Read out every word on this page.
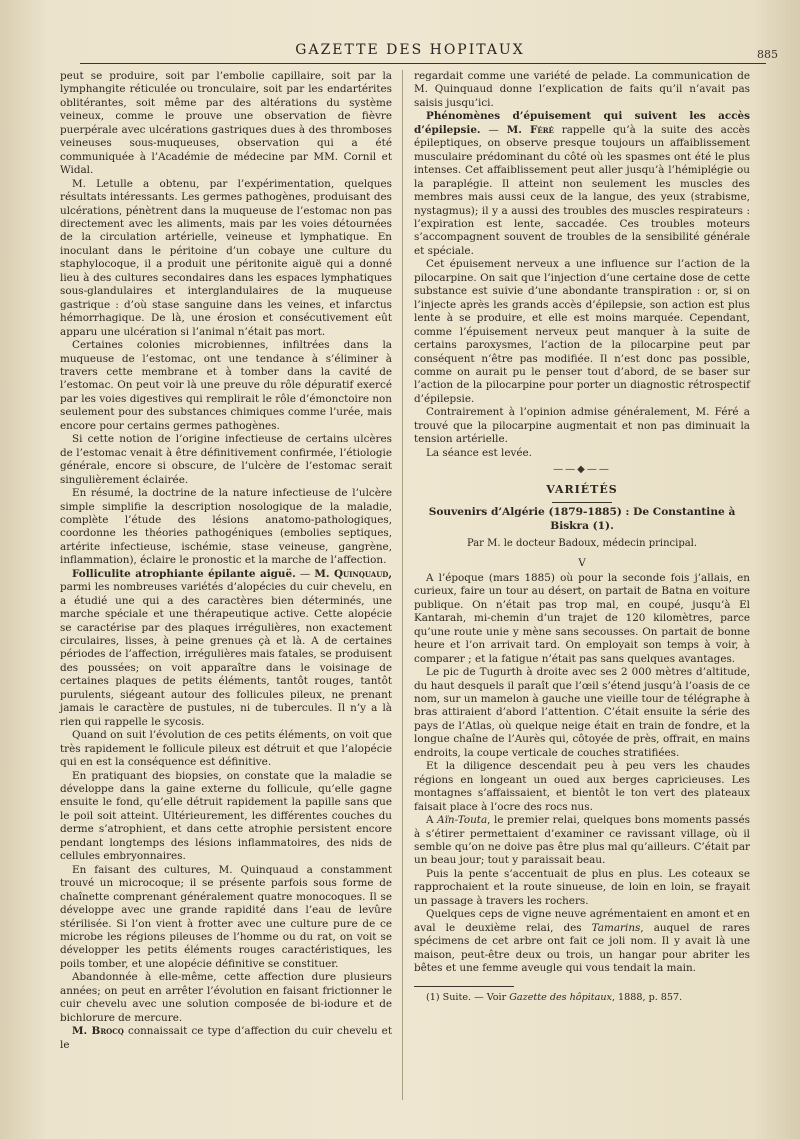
GAZETTE DES HOPITAUX	885

peut se produire, soit par l’embolie capillaire, soit par la lymphangite réticulée ou tronculaire, soit par les endartérites oblitérantes, soit même par des altérations du système veineux, comme le prouve une observation de fièvre puerpérale avec ulcérations gastriques dues à des thromboses veineuses sous-muqueuses, observation qui a été communiquée à l’Académie de médecine par MM. Cornil et Widal.

M. Letulle a obtenu, par l’expérimentation, quelques résultats intéressants. Les germes pathogènes, produisant des ulcérations, pénètrent dans la muqueuse de l’estomac non pas directement avec les aliments, mais par les voies détournées de la circulation artérielle, veineuse et lymphatique. En inoculant dans le péritoine d’un cobaye une culture du staphylocoque, il a produit une péritonite aiguë qui a donné lieu à des cultures secondaires dans les espaces lymphatiques sous-glandulaires et interglandulaires de la muqueuse gastrique : d’où stase sanguine dans les veines, et infarctus hémorrhagique. De là, une érosion et consécutivement eût apparu une ulcération si l’animal n’était pas mort.

Certaines colonies microbiennes, infiltrées dans la muqueuse de l’estomac, ont une tendance à s’éliminer à travers cette membrane et à tomber dans la cavité de l’estomac. On peut voir là une preuve du rôle dépuratif exercé par les voies digestives qui remplirait le rôle d’émonctoire non seulement pour des substances chimiques comme l’urée, mais encore pour certains germes pathogènes.

Si cette notion de l’origine infectieuse de certains ulcères de l’estomac venait à être définitivement confirmée, l’étiologie générale, encore si obscure, de l’ulcère de l’estomac serait singulièrement éclairée.

En résumé, la doctrine de la nature infectieuse de l’ulcère simple simplifie la description nosologique de la maladie, complète l’étude des lésions anatomo-pathologiques, coordonne les théories pathogéniques (embolies septiques, artérite infectieuse, ischémie, stase veineuse, gangrène, inflammation), éclaire le pronostic et la marche de l’affection.

Folliculite atrophiante épilante aiguë. — M. Quinquaud, parmi les nombreuses variétés d’alopécies du cuir chevelu, en a étudié une qui a des caractères bien déterminés, une marche spéciale et une thérapeutique active. Cette alopécie se caractérise par des plaques irrégulières, non exactement circulaires, lisses, à peine grenues çà et là. A de certaines périodes de l’affection, irrégulières mais fatales, se produisent des poussées; on voit apparaître dans le voisinage de certaines plaques de petits éléments, tantôt rouges, tantôt purulents, siégeant autour des follicules pileux, ne prenant jamais le caractère de pustules, ni de tubercules. Il n’y a là rien qui rappelle le sycosis.

Quand on suit l’évolution de ces petits éléments, on voit que très rapidement le follicule pileux est détruit et que l’alopécie qui en est la conséquence est définitive.

En pratiquant des biopsies, on constate que la maladie se développe dans la gaine externe du follicule, qu’elle gagne ensuite le fond, qu’elle détruit rapidement la papille sans que le poil soit atteint. Ultérieurement, les différentes couches du derme s’atrophient, et dans cette atrophie persistent encore pendant longtemps des lésions inflammatoires, des nids de cellules embryonnaires.

En faisant des cultures, M. Quinquaud a constamment trouvé un microcoque; il se présente parfois sous forme de chaînette comprenant généralement quatre monocoques. Il se développe avec une grande rapidité dans l’eau de levûre stérilisée. Si l’on vient à frotter avec une culture pure de ce microbe les régions pileuses de l’homme ou du rat, on voit se développer les petits éléments rouges caractéristiques, les poils tomber, et une alopécie définitive se constituer.

Abandonnée à elle-même, cette affection dure plusieurs années; on peut en arrêter l’évolution en faisant frictionner le cuir chevelu avec une solution composée de bi-iodure et de bichlorure de mercure.

M. Brocq connaissait ce type d’affection du cuir chevelu et le

regardait comme une variété de pelade. La communication de M. Quinquaud donne l’explication de faits qu’il n’avait pas saisis jusqu’ici.

Phénomènes d’épuisement qui suivent les accès d’épilepsie. — M. Féré rappelle qu’à la suite des accès épileptiques, on observe presque toujours un affaiblissement musculaire prédominant du côté où les spasmes ont été le plus intenses. Cet affaiblissement peut aller jusqu’à l’hémiplégie ou la paraplégie. Il atteint non seulement les muscles des membres mais aussi ceux de la langue, des yeux (strabisme, nystagmus); il y a aussi des troubles des muscles respirateurs : l’expiration est lente, saccadée. Ces troubles moteurs s’accompagnent souvent de troubles de la sensibilité générale et spéciale.

Cet épuisement nerveux a une influence sur l’action de la pilocarpine. On sait que l’injection d’une certaine dose de cette substance est suivie d’une abondante transpiration : or, si on l’injecte après les grands accès d’épilepsie, son action est plus lente à se produire, et elle est moins marquée. Cependant, comme l’épuisement nerveux peut manquer à la suite de certains paroxysmes, l’action de la pilocarpine peut par conséquent n’être pas modifiée. Il n’est donc pas possible, comme on aurait pu le penser tout d’abord, de se baser sur l’action de la pilocarpine pour porter un diagnostic rétrospectif d’épilepsie.

Contrairement à l’opinion admise généralement, M. Féré a trouvé que la pilocarpine augmentait et non pas diminuait la tension artérielle.

La séance est levée.

——◆——
VARIÉTÉS
Souvenirs d’Algérie (1879-1885) : De Constantine à Biskra (1).
Par M. le docteur Badoux, médecin principal.
V

A l’époque (mars 1885) où pour la seconde fois j’allais, en curieux, faire un tour au désert, on partait de Batna en voiture publique. On n’était pas trop mal, en coupé, jusqu’à El Kantarah, mi-chemin d’un trajet de 120 kilomètres, parce qu’une route unie y mène sans secousses. On partait de bonne heure et l’on arrivait tard. On employait son temps à voir, à comparer ; et la fatigue n’était pas sans quelques avantages.

Le pic de Tugurth à droite avec ses 2 000 mètres d’altitude, du haut desquels il paraît que l’œil s’étend jusqu’à l’oasis de ce nom, sur un mamelon à gauche une vieille tour de télégraphe à bras attiraient d’abord l’attention. C’était ensuite la série des pays de l’Atlas, où quelque neige était en train de fondre, et la longue chaîne de l’Aurès qui, côtoyée de près, offrait, en mains endroits, la coupe verticale de couches stratifiées.

Et la diligence descendait peu à peu vers les chaudes régions en longeant un oued aux berges capricieuses. Les montagnes s’affaissaient, et bientôt le ton vert des plateaux faisait place à l’ocre des rocs nus.

A Aïn-Touta, le premier relai, quelques bons moments passés à s’étirer permettaient d’examiner ce ravissant village, où il semble qu’on ne doive pas être plus mal qu’ailleurs. C’était par un beau jour; tout y paraissait beau.

Puis la pente s’accentuait de plus en plus. Les coteaux se rapprochaient et la route sinueuse, de loin en loin, se frayait un passage à travers les rochers.

Quelques ceps de vigne neuve agrémentaient en amont et en aval le deuxième relai, des Tamarins, auquel de rares spécimens de cet arbre ont fait ce joli nom. Il y avait là une maison, peut-être deux ou trois, un hangar pour abriter les bêtes et une femme aveugle qui vous tendait la main.

(1) Suite. — Voir Gazette des hôpitaux, 1888, p. 857.
